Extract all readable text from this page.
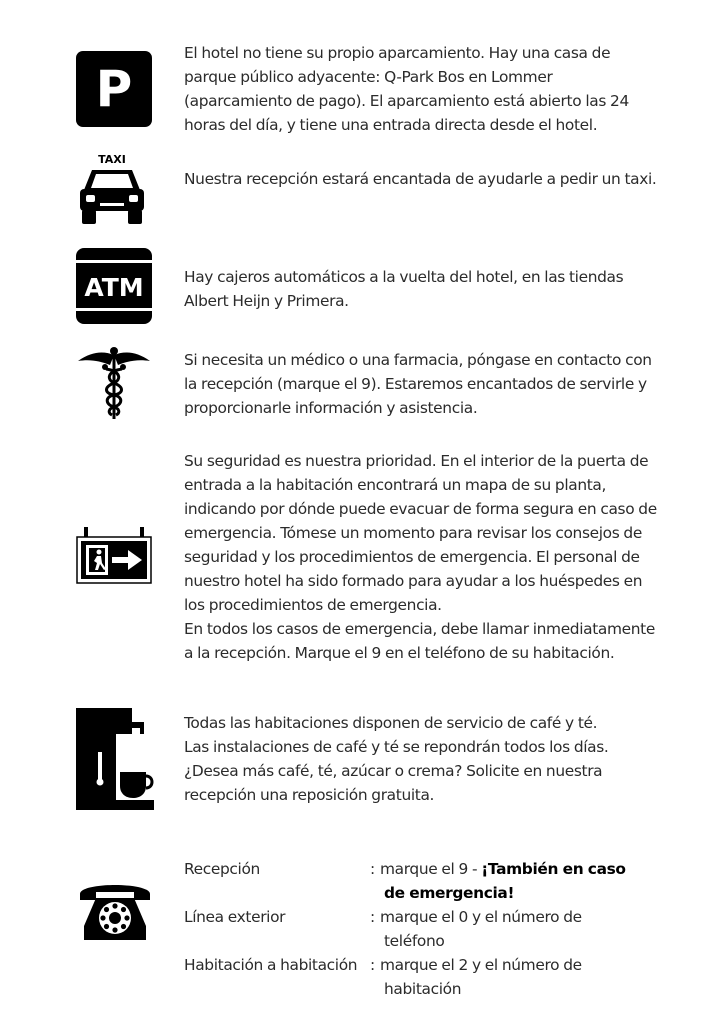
P

El hotel no tiene su propio aparcamiento. Hay una casa de parque público adyacente: Q-Park Bos en Lommer (aparcamiento de pago). El aparcamiento está abierto las 24 horas del día, y tiene una entrada directa desde el hotel.

TAXI

Nuestra recepción estará encantada de ayudarle a pedir un taxi.

ATM	Hay cajeros automáticos a la vuelta del hotel, en las tiendas Albert Heijn y Primera.

Si necesita un médico o una farmacia, póngase en contacto con la recepción (marque el 9). Estaremos encantados de servirle y proporcionarle información y asistencia.

Su seguridad es nuestra prioridad. En el interior de la puerta de entrada a la habitación encontrará un mapa de su planta, indicando por dónde puede evacuar de forma segura en caso de emergencia. Tómese un momento para revisar los consejos de seguridad y los procedimientos de emergencia. El personal de nuestro hotel ha sido formado para ayudar a los huéspedes en los procedimientos de emergencia.

En todos los casos de emergencia, debe llamar inmediatamente a la recepción. Marque el 9 en el teléfono de su habitación.

Todas las habitaciones disponen de servicio de café y té.

Las instalaciones de café y té se repondrán todos los días.

¿Desea más café, té, azúcar o crema? Solicite en nuestra recepción una reposición gratuita.

Recepción	: marque el 9 - ¡También en caso
de emergencia!
Línea exterior	: marque el 0 y el número de
teléfono
Habitación a habitación : marque el 2 y el número de
habitación
